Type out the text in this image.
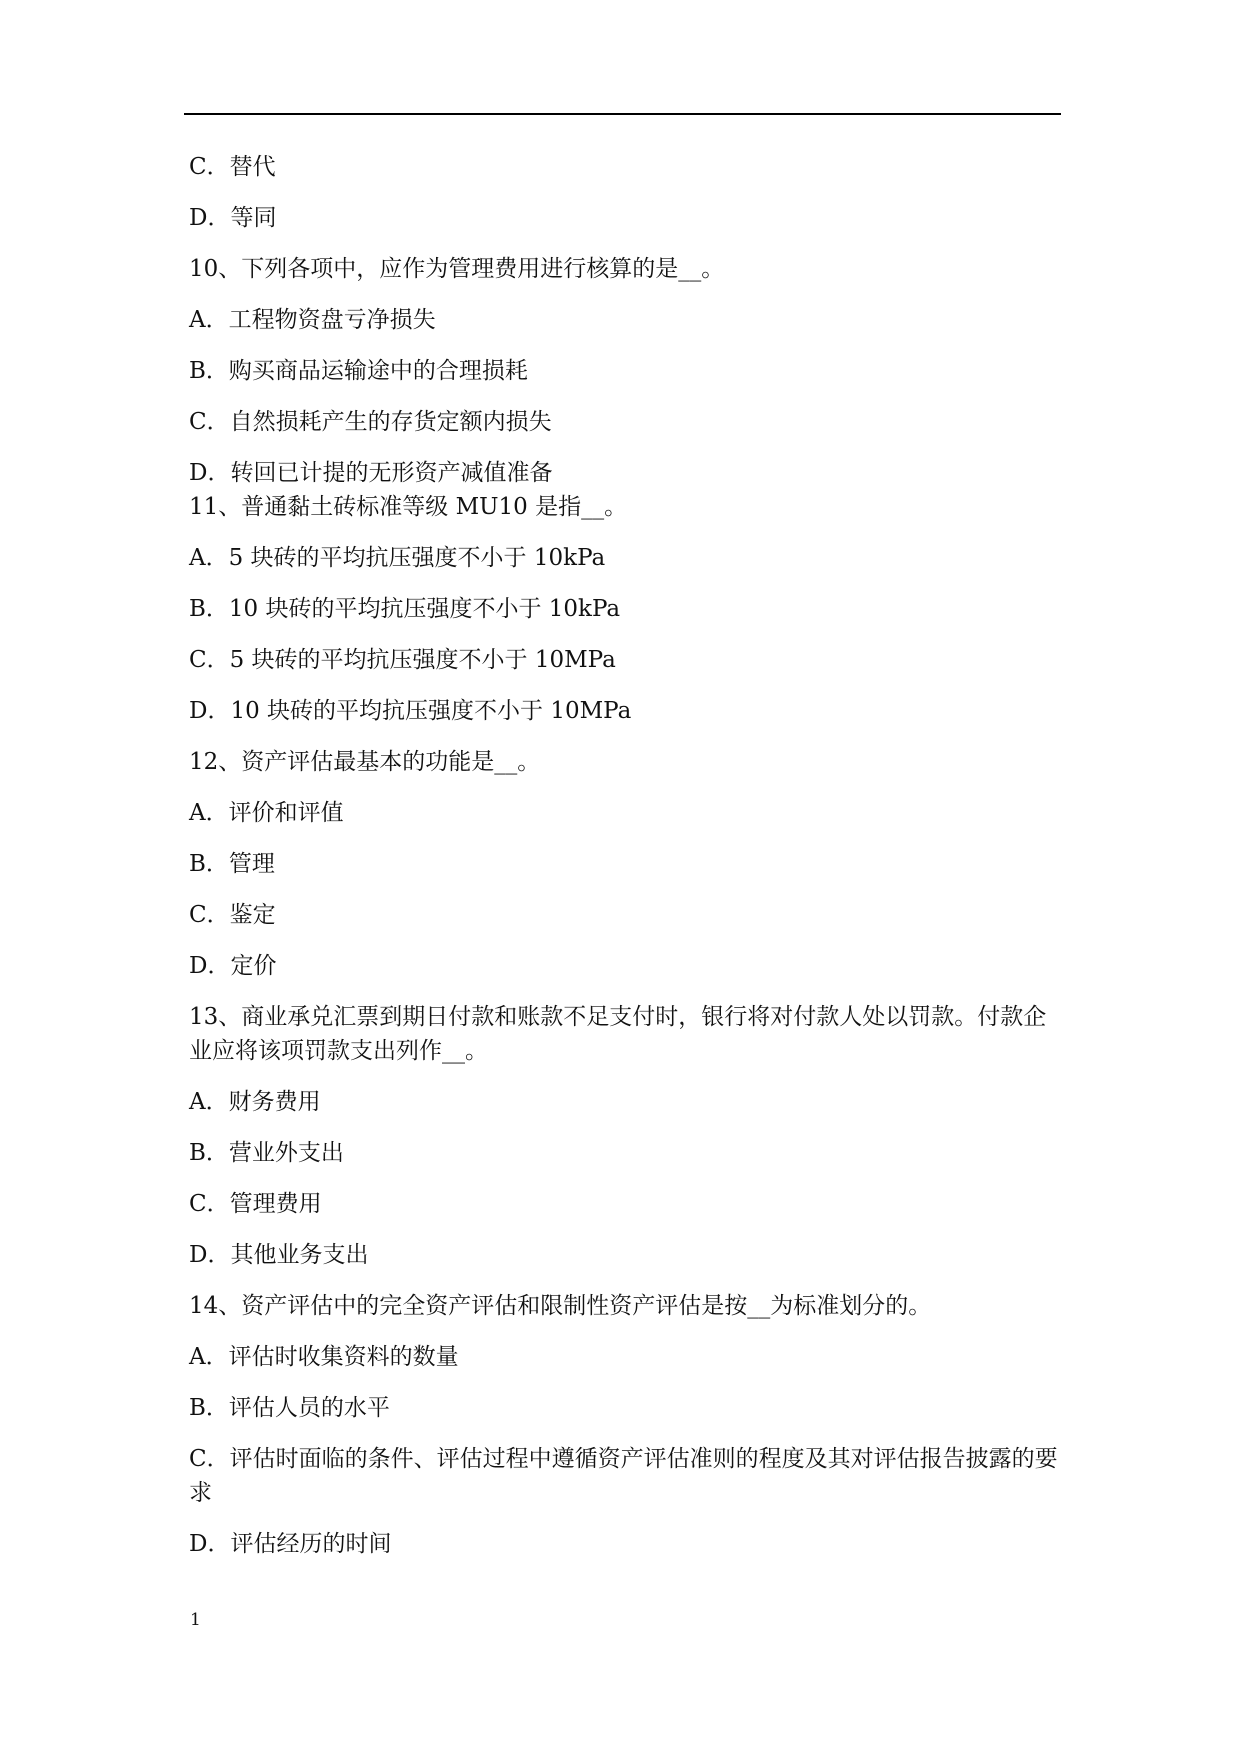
C．替代
D．等同
10、下列各项中，应作为管理费用进行核算的是__。
A．工程物资盘亏净损失
B．购买商品运输途中的合理损耗
C．自然损耗产生的存货定额内损失
D．转回已计提的无形资产减值准备
11、普通黏土砖标准等级 MU10 是指__。
A．5 块砖的平均抗压强度不小于 10kPa
B．10 块砖的平均抗压强度不小于 10kPa
C．5 块砖的平均抗压强度不小于 10MPa
D．10 块砖的平均抗压强度不小于 10MPa
12、资产评估最基本的功能是__。
A．评价和评值
B．管理
C．鉴定
D．定价
13、商业承兑汇票到期日付款和账款不足支付时，银行将对付款人处以罚款。付款企业应将该项罚款支出列作__。
A．财务费用
B．营业外支出
C．管理费用
D．其他业务支出
14、资产评估中的完全资产评估和限制性资产评估是按__为标准划分的。
A．评估时收集资料的数量
B．评估人员的水平
C．评估时面临的条件、评估过程中遵循资产评估准则的程度及其对评估报告披露的要求
D．评估经历的时间
1
